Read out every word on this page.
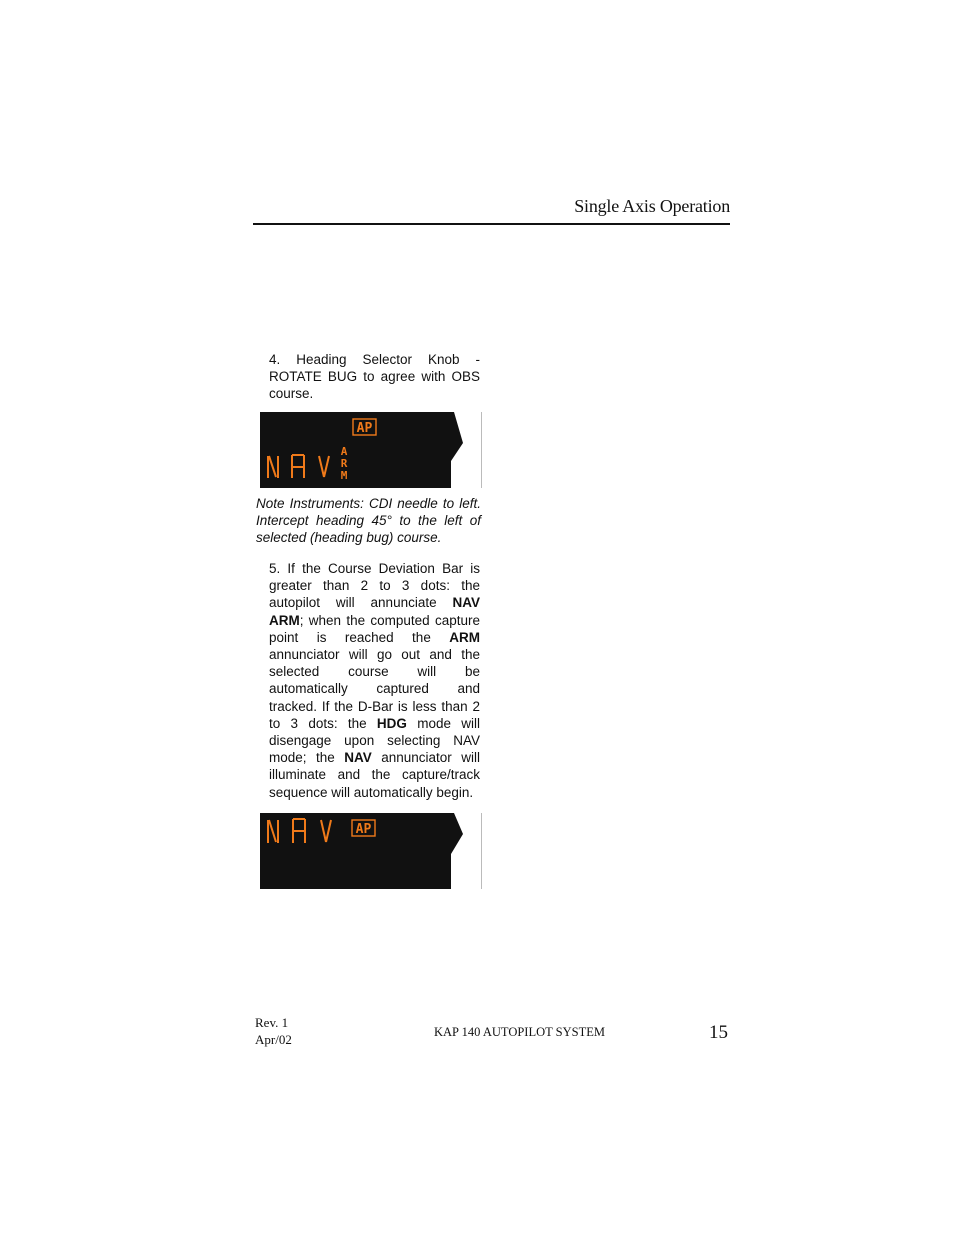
Single Axis Operation

4. Heading Selector Knob - ROTATE BUG to agree with OBS course.

AP
A
R
M

Note Instruments: CDI needle to left. Intercept heading 45° to the left of selected (heading bug) course.

5. If the Course Deviation Bar is greater than 2 to 3 dots: the autopilot will annunciate NAV ARM; when the computed capture point is reached the ARM annunciator will go out and the selected course will be automatically captured and tracked. If the D-Bar is less than 2 to 3 dots: the HDG mode will disengage upon selecting NAV mode; the NAV annunciator will illuminate and the capture/track sequence will automatically begin.

AP
Rev. 1
Apr/02	KAP 140 AUTOPILOT SYSTEM	15
